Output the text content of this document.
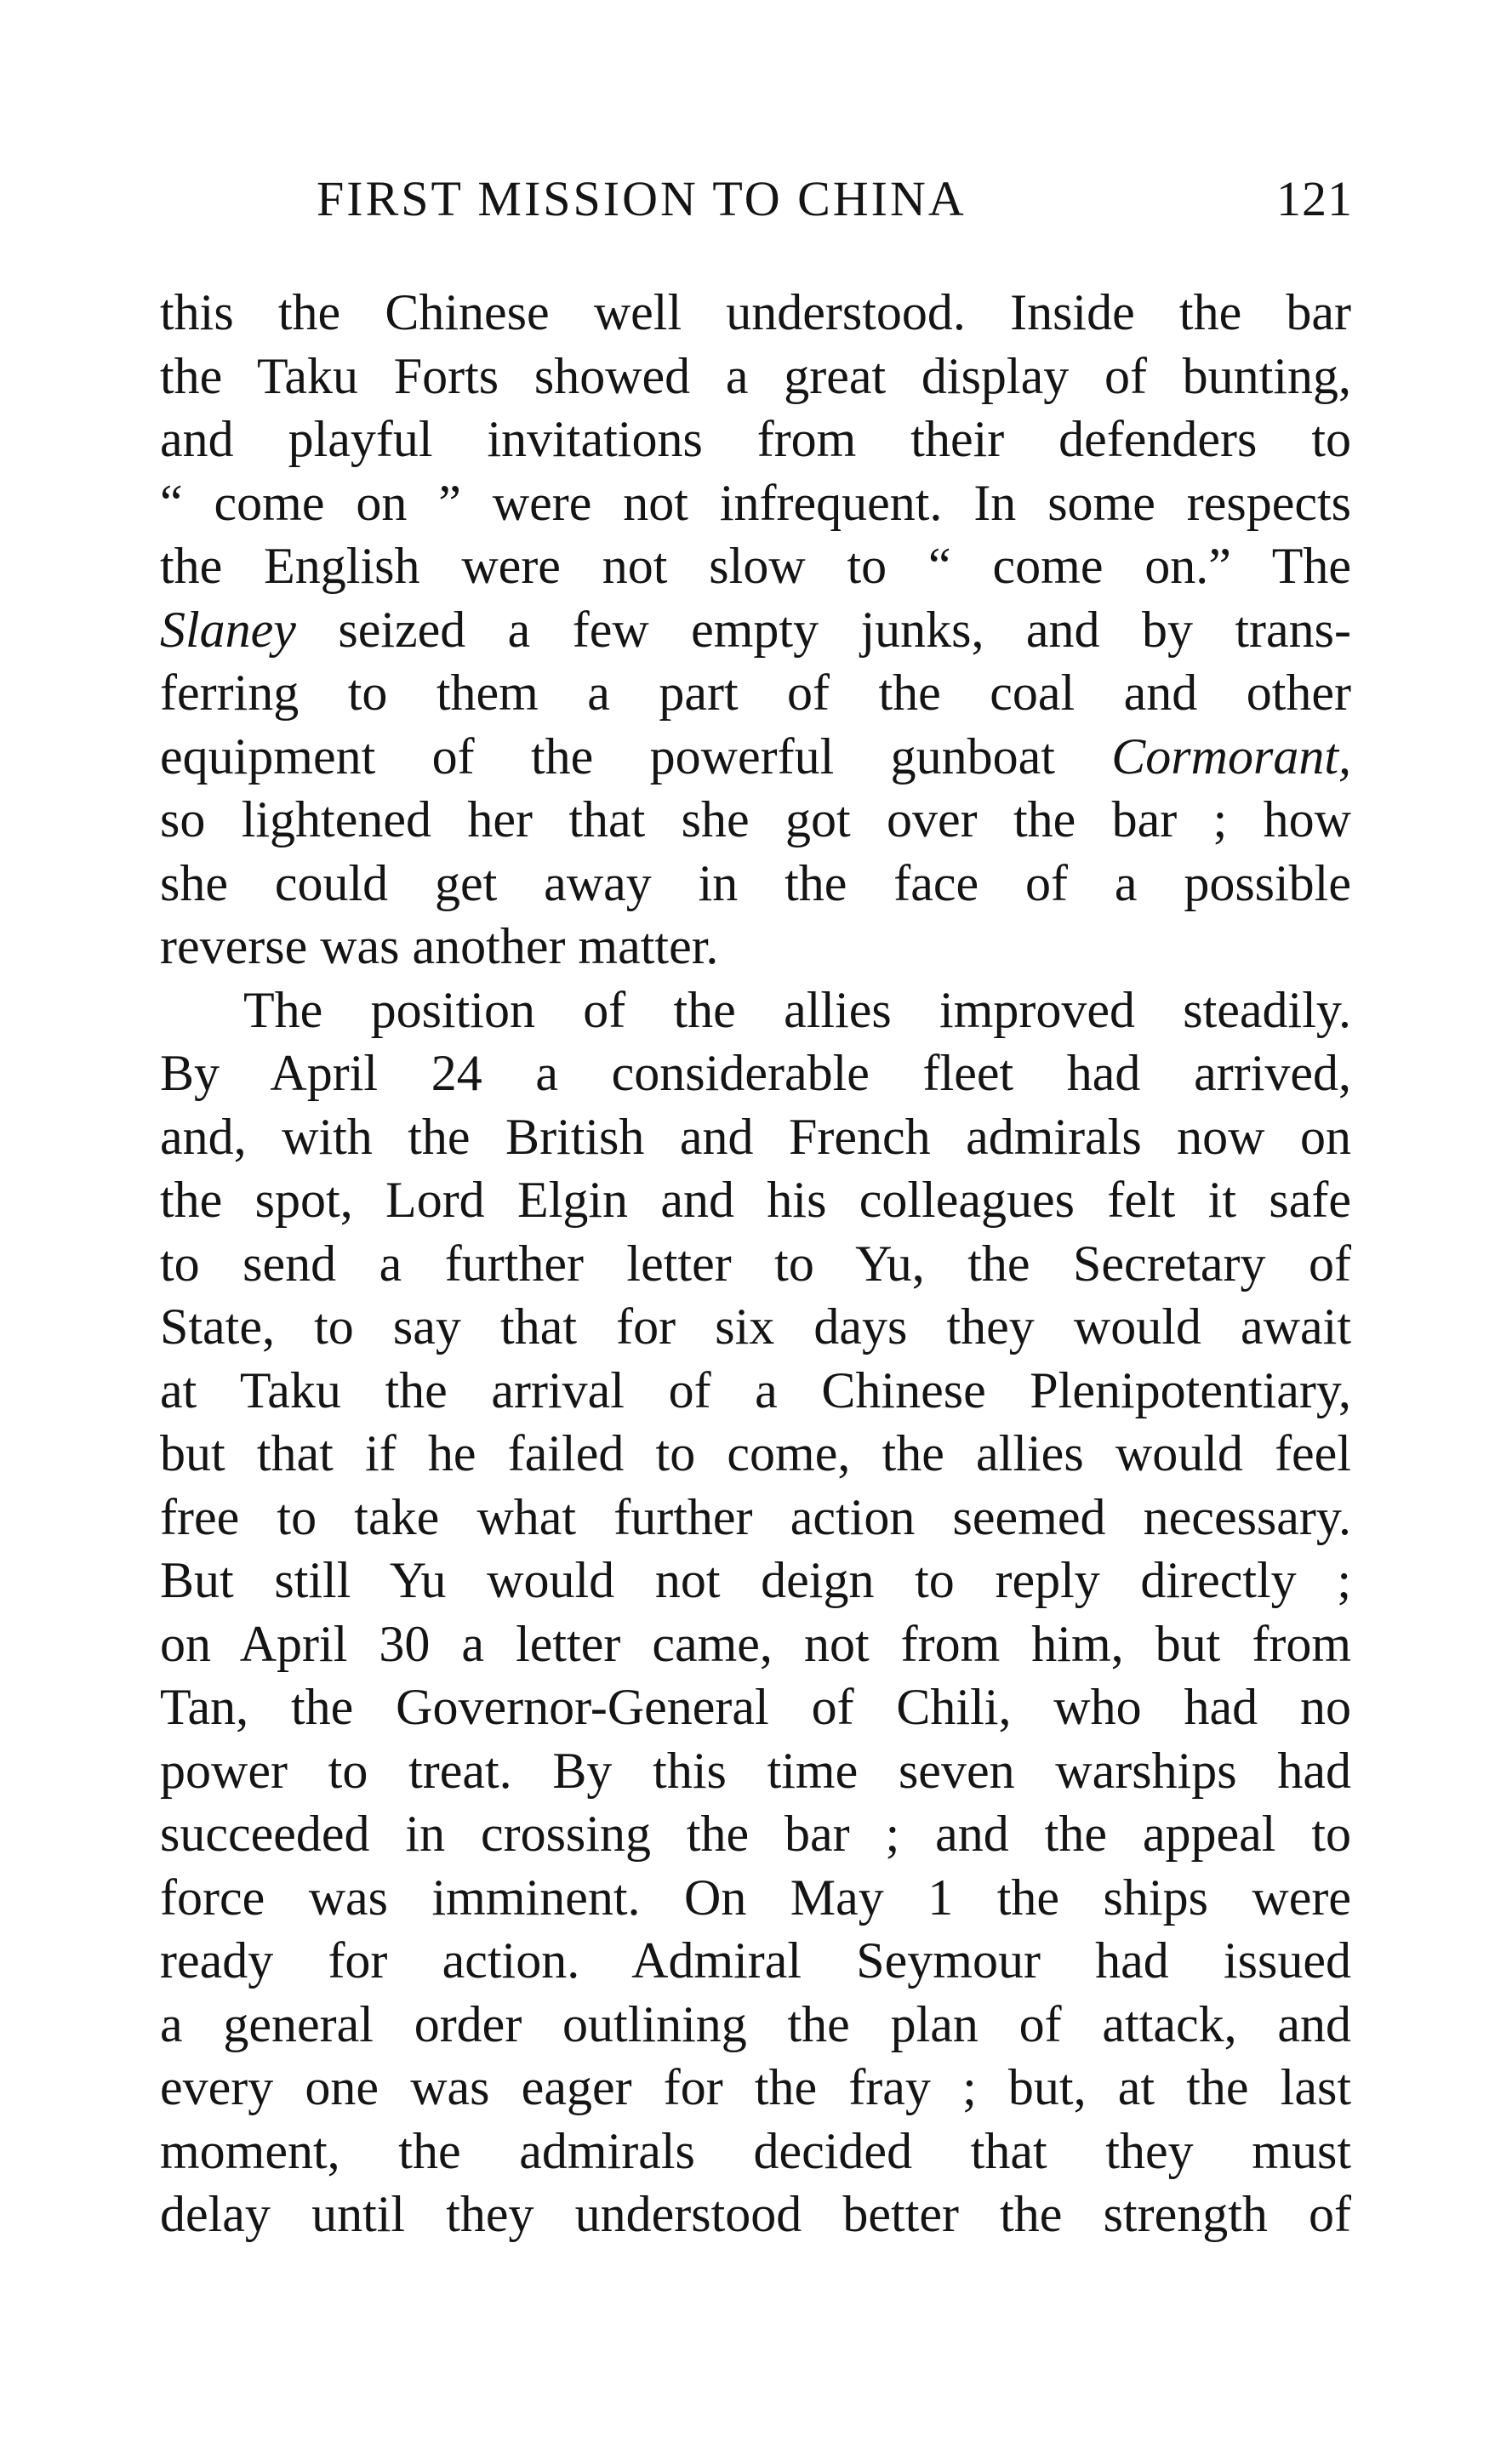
FIRST MISSION TO CHINA	121
this the Chinese well understood. Inside the bar
the Taku Forts showed a great display of bunting,
and playful invitations from their defenders to
“ come on ” were not infrequent. In some respects
the English were not slow to “ come on.” The
Slaney seized a few empty junks, and by trans-
ferring to them a part of the coal and other
equipment of the powerful gunboat Cormorant,
so lightened her that she got over the bar ; how
she could get away in the face of a possible
reverse was another matter.
The position of the allies improved steadily.
By April 24 a considerable fleet had arrived,
and, with the British and French admirals now on
the spot, Lord Elgin and his colleagues felt it safe
to send a further letter to Yu, the Secretary of
State, to say that for six days they would await
at Taku the arrival of a Chinese Plenipotentiary,
but that if he failed to come, the allies would feel
free to take what further action seemed necessary.
But still Yu would not deign to reply directly ;
on April 30 a letter came, not from him, but from
Tan, the Governor-General of Chili, who had no
power to treat. By this time seven warships had
succeeded in crossing the bar ; and the appeal to
force was imminent. On May 1 the ships were
ready for action. Admiral Seymour had issued
a general order outlining the plan of attack, and
every one was eager for the fray ; but, at the last
moment, the admirals decided that they must
delay until they understood better the strength of
